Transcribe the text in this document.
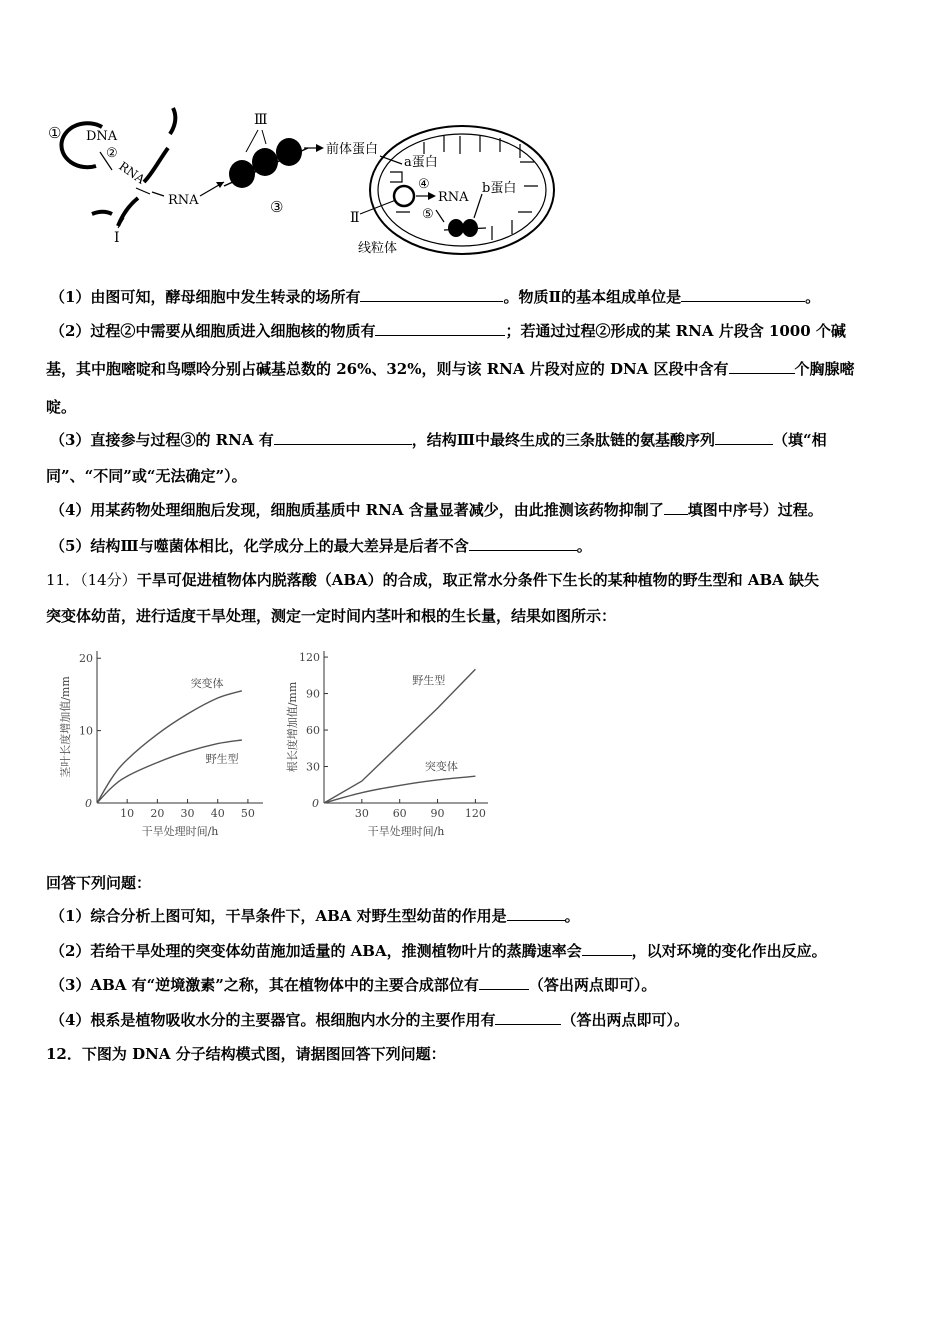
① DNA
②
RNA
I
RNA
Ⅲ
③
前体蛋白
a蛋白
④
RNA
⑤
b蛋白
Ⅱ
线粒体
（1）由图可知，酵母细胞中发生转录的场所有	。物质Ⅱ的基本组成单位是	。
（2）过程②中需要从细胞质进入细胞核的物质有	；若通过过程②形成的某 RNA 片段含 1000 个碱
基，其中胞嘧啶和鸟嘌呤分别占碱基总数的 26%、32%，则与该 RNA 片段对应的 DNA 区段中含有	个胸腺嘧
啶。
（3）直接参与过程③的 RNA 有	，结构Ⅲ中最终生成的三条肽链的氨基酸序列	（填“相
同”、“不同”或“无法确定”）。
（4）用某药物处理细胞后发现，细胞质基质中 RNA 含量显著减少，由此推测该药物抑制了 填图中序号）过程。
（5）结构Ⅲ与噬菌体相比，化学成分上的最大差异是后者不含	。
11．（14分）干旱可促进植物体内脱落酸（ABA）的合成，取正常水分条件下生长的某种植物的野生型和 ABA 缺失
突变体幼苗，进行适度干旱处理，测定一定时间内茎叶和根的生长量，结果如图所示：
10 20 30 40 50
10
20
0
干旱处理时间/h
茎叶长度增加值/mm	突变体
野生型
30 60 90 120
30
60
90
120
0
干旱处理时间/h
根长度增加值/mm
野生型
突变体
回答下列问题：
（1）综合分析上图可知，干旱条件下，ABA 对野生型幼苗的作用是	。
（2）若给干旱处理的突变体幼苗施加适量的 ABA，推测植物叶片的蒸腾速率会	，以对环境的变化作出反应。
（3）ABA 有“逆境激素”之称，其在植物体中的主要合成部位有	（答出两点即可）。
（4）根系是植物吸收水分的主要器官。根细胞内水分的主要作用有	（答出两点即可）。
12．下图为 DNA 分子结构模式图，请据图回答下列问题：
